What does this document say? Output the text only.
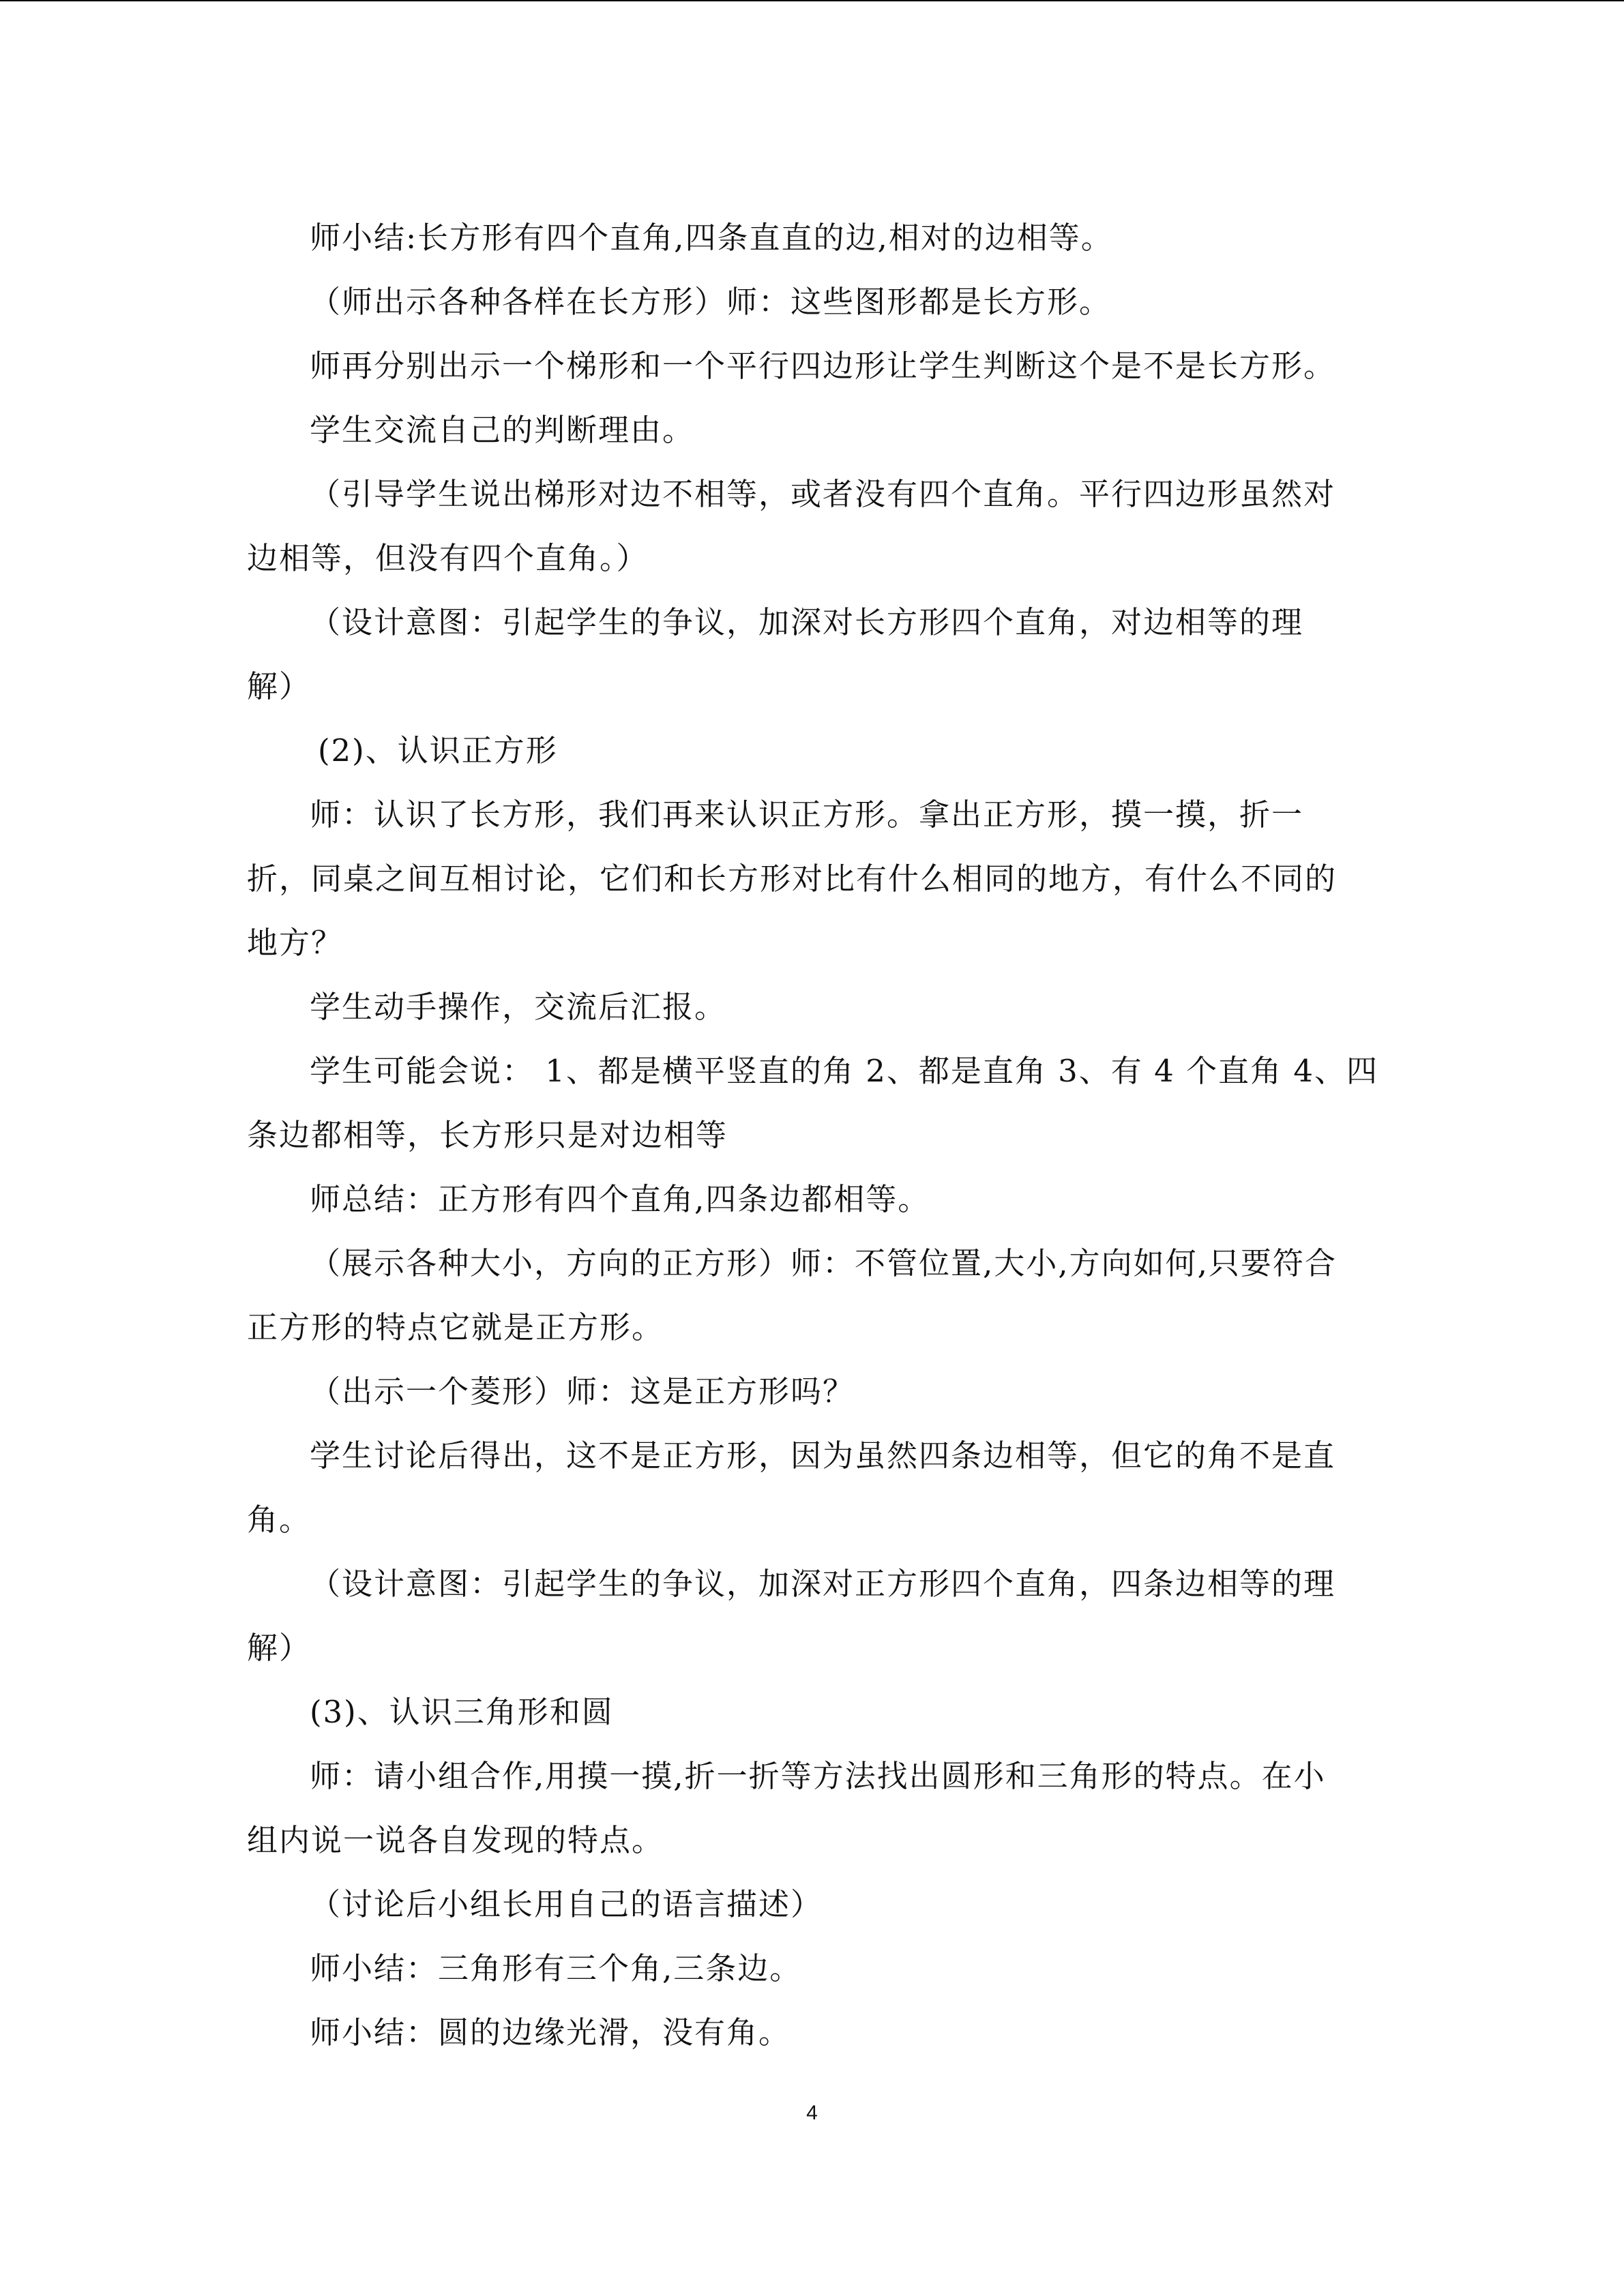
师小结:长方形有四个直角,四条直直的边,相对的边相等。
（师出示各种各样在长方形）师：这些图形都是长方形。
师再分别出示一个梯形和一个平行四边形让学生判断这个是不是长方形。
学生交流自己的判断理由。
（引导学生说出梯形对边不相等，或者没有四个直角。平行四边形虽然对
边相等，但没有四个直角。）
（设计意图：引起学生的争议，加深对长方形四个直角，对边相等的理
解）
(2)、认识正方形
师：认识了长方形，我们再来认识正方形。拿出正方形，摸一摸，折一
折，同桌之间互相讨论，它们和长方形对比有什么相同的地方，有什么不同的
地方？
学生动手操作，交流后汇报。
学生可能会说： 1、都是横平竖直的角 2、都是直角 3、有 4 个直角 4、四
条边都相等，长方形只是对边相等
师总结：正方形有四个直角,四条边都相等。
（展示各种大小，方向的正方形）师：不管位置,大小,方向如何,只要符合
正方形的特点它就是正方形。
（出示一个菱形）师：这是正方形吗？
学生讨论后得出，这不是正方形，因为虽然四条边相等，但它的角不是直
角。
（设计意图：引起学生的争议，加深对正方形四个直角，四条边相等的理
解）
(3)、认识三角形和圆
师：请小组合作,用摸一摸,折一折等方法找出圆形和三角形的特点。在小
组内说一说各自发现的特点。
（讨论后小组长用自己的语言描述）
师小结：三角形有三个角,三条边。
师小结：圆的边缘光滑，没有角。
4
